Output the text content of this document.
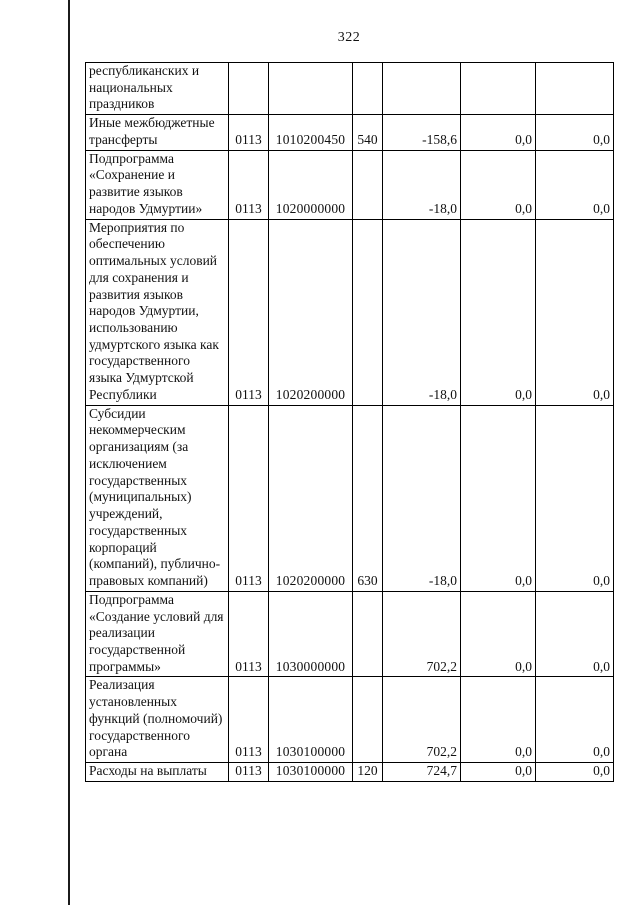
322
республиканских и национальных праздников						
Иные межбюджетные трансферты	0113	1010200450	540	-158,6	0,0	0,0
Подпрограмма «Сохранение и развитие языков народов Удмуртии»	0113	1020000000		-18,0	0,0	0,0
Мероприятия по обеспечению оптимальных условий для сохранения и развития языков народов Удмуртии, использованию удмуртского языка как государственного языка Удмуртской Республики	0113	1020200000		-18,0	0,0	0,0
Субсидии некоммерческим организациям (за исключением государственных (муниципальных) учреждений, государственных корпораций (компаний), публично-правовых компаний)	0113	1020200000	630	-18,0	0,0	0,0
Подпрограмма «Создание условий для реализации государственной программы»	0113	1030000000		702,2	0,0	0,0
Реализация установленных функций (полномочий) государственного органа	0113	1030100000		702,2	0,0	0,0
Расходы на выплаты	0113	1030100000	120	724,7	0,0	0,0
